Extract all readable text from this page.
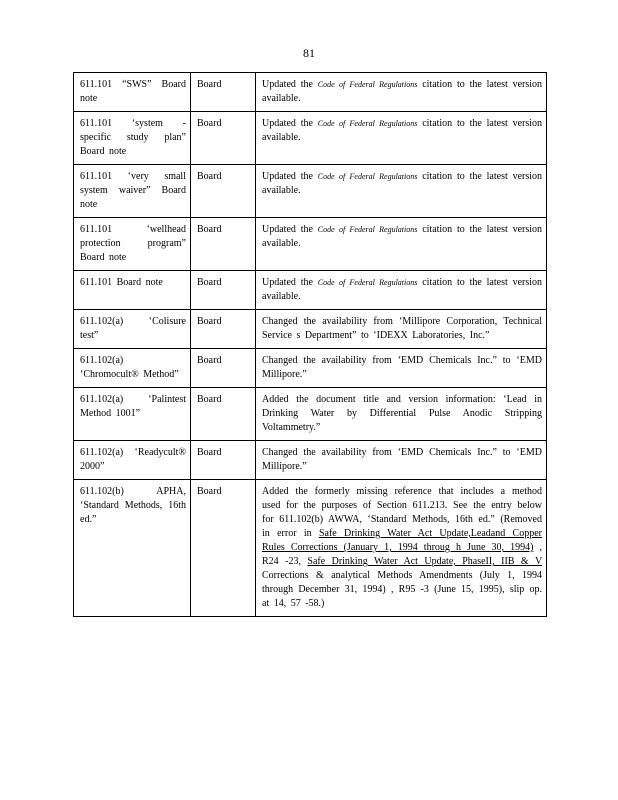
81
611.101 “SWS” Board note	Board	Updated the Code of Federal Regulations citation to the latest version available.
611.101 ‘system - specific study plan” Board note	Board	Updated the Code of Federal Regulations citation to the latest version available.
611.101 ‘very small system waiver” Board note	Board	Updated the Code of Federal Regulations citation to the latest version available.
611.101 ‘wellhead protection program” Board note	Board	Updated the Code of Federal Regulations citation to the latest version available.
611.101 Board note	Board	Updated the Code of Federal Regulations citation to the latest version available.
611.102(a) ‘Colisure test”	Board	Changed the availability from ‘Millipore Corporation, Technical Service s Department” to ‘IDEXX Laboratories, Inc.”
611.102(a) ‘Chromocult® Method”	Board	Changed the availability from ‘EMD Chemicals Inc.” to ‘EMD Millipore.”
611.102(a) ‘Palintest Method 1001”	Board	Added the document title and version information: ‘Lead in Drinking Water by Differential Pulse Anodic Stripping Voltammetry.”
611.102(a) ‘Readycult® 2000”	Board	Changed the availability from ‘EMD Chemicals Inc.” to ‘EMD Millipore.”
611.102(b) APHA, ‘Standard Methods, 16th ed.”	Board	Added the formerly missing reference that includes a method used for the purposes of Section 611.213. See the entry below for 611.102(b) AWWA, ‘Standard Methods, 16th ed.” (Removed in error in Safe Drinking Water Act Update,Leadand Copper Rules Corrections (January 1, 1994 throug h June 30, 1994) , R24 -23, Safe Drinking Water Act Update, PhaseII, IIB & V Corrections & analytical Methods Amendments (July 1, 1994 through December 31, 1994) , R95 -3 (June 15, 1995), slip op. at 14, 57 -58.)
